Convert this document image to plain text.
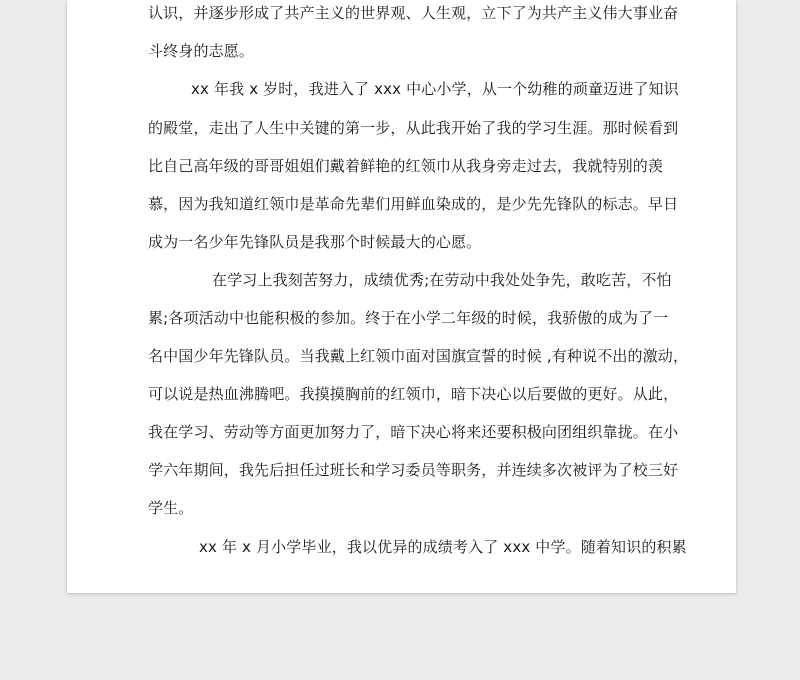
认识，并逐步形成了共产主义的世界观、人生观，立下了为共产主义伟大事业奋
斗终身的志愿。
xx 年我 x 岁时，我进入了 xxx 中心小学，从一个幼稚的顽童迈进了知识
的殿堂，走出了人生中关键的第一步，从此我开始了我的学习生涯。那时候看到
比自己高年级的哥哥姐姐们戴着鲜艳的红领巾从我身旁走过去，我就特别的羡
慕，因为我知道红领巾是革命先辈们用鲜血染成的，是少先先锋队的标志。早日
成为一名少年先锋队员是我那个时候最大的心愿。
在学习上我刻苦努力，成绩优秀;在劳动中我处处争先，敢吃苦，不怕
累;各项活动中也能积极的参加。终于在小学二年级的时候，我骄傲的成为了一
名中国少年先锋队员。当我戴上红领巾面对国旗宣誓的时候 ,有种说不出的激动，
可以说是热血沸腾吧。我摸摸胸前的红领巾，暗下决心以后要做的更好。从此，
我在学习、劳动等方面更加努力了，暗下决心将来还要积极向团组织靠拢。在小
学六年期间，我先后担任过班长和学习委员等职务，并连续多次被评为了校三好
学生。
xx 年 x 月小学毕业，我以优异的成绩考入了 xxx 中学。随着知识的积累
